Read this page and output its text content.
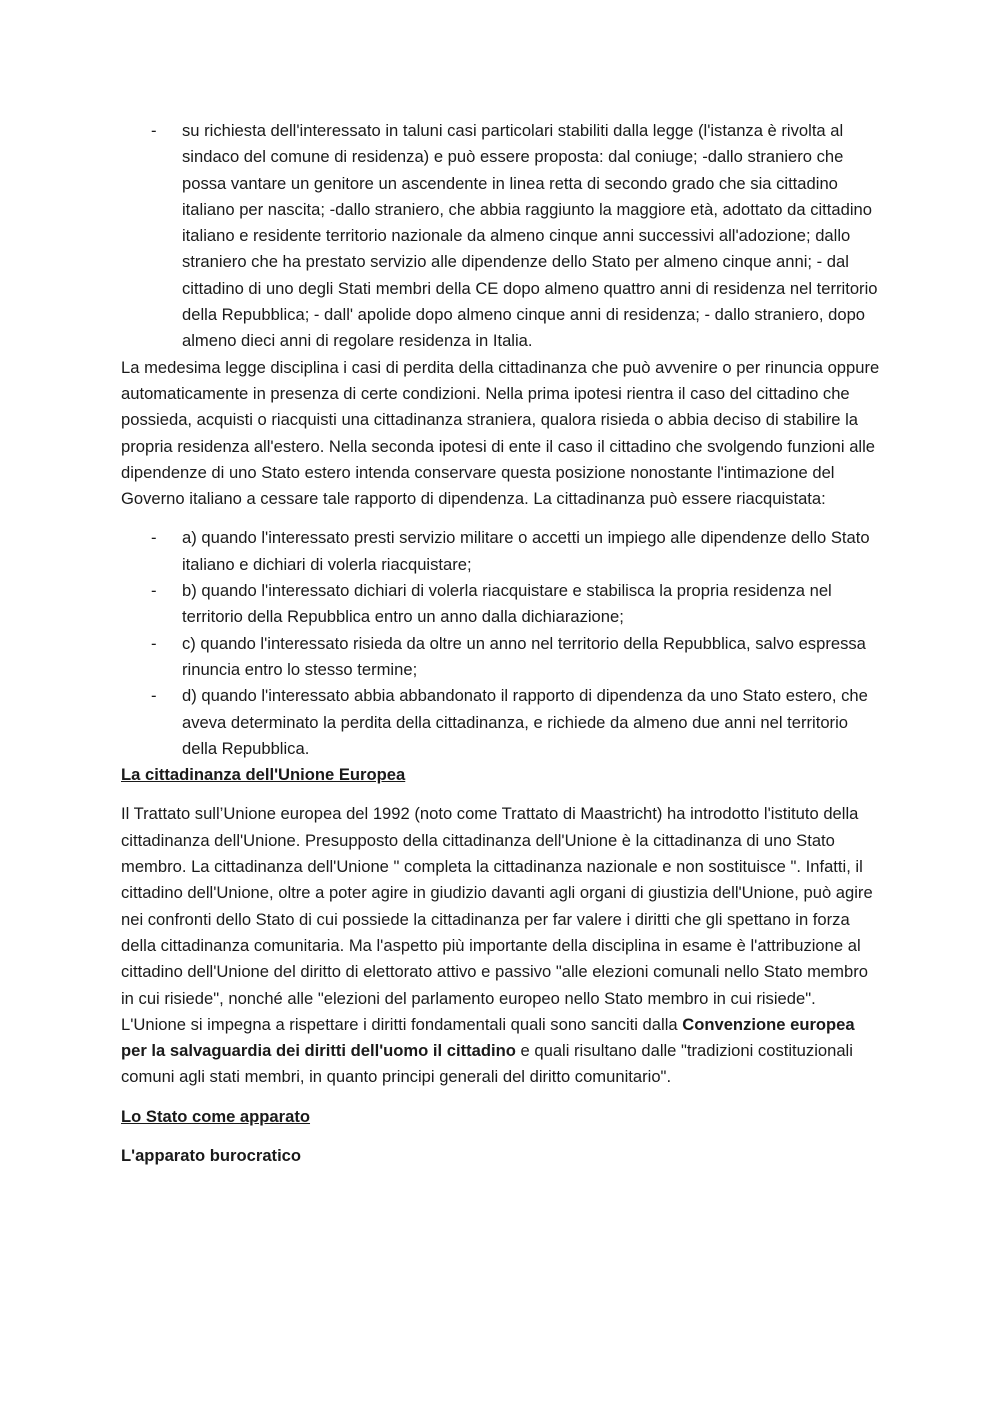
- su richiesta dell'interessato in taluni casi particolari stabiliti dalla legge (l'istanza è rivolta al sindaco del comune di residenza) e può essere proposta: dal coniuge; -dallo straniero che possa vantare un genitore un ascendente in linea retta di secondo grado che sia cittadino italiano per nascita; -dallo straniero, che abbia raggiunto la maggiore età, adottato da cittadino italiano e residente territorio nazionale da almeno cinque anni successivi all'adozione; dallo straniero che ha prestato servizio alle dipendenze dello Stato per almeno cinque anni; - dal cittadino di uno degli Stati membri della CE dopo almeno quattro anni di residenza nel territorio della Repubblica; - dall' apolide dopo almeno cinque anni di residenza; - dallo straniero, dopo almeno dieci anni di regolare residenza in Italia.

La medesima legge disciplina i casi di perdita della cittadinanza che può avvenire o per rinuncia oppure automaticamente in presenza di certe condizioni. Nella prima ipotesi rientra il caso del cittadino che possieda, acquisti o riacquisti una cittadinanza straniera, qualora risieda o abbia deciso di stabilire la propria residenza all'estero. Nella seconda ipotesi di ente il caso il cittadino che svolgendo funzioni alle dipendenze di uno Stato estero intenda conservare questa posizione nonostante l'intimazione del Governo italiano a cessare tale rapporto di dipendenza. La cittadinanza può essere riacquistata:

- a) quando l'interessato presti servizio militare o accetti un impiego alle dipendenze dello Stato italiano e dichiari di volerla riacquistare;
- b) quando l'interessato dichiari di volerla riacquistare e stabilisca la propria residenza nel territorio della Repubblica entro un anno dalla dichiarazione;
- c) quando l'interessato risieda da oltre un anno nel territorio della Repubblica, salvo espressa rinuncia entro lo stesso termine;
- d) quando l'interessato abbia abbandonato il rapporto di dipendenza da uno Stato estero, che aveva determinato la perdita della cittadinanza, e richiede da almeno due anni nel territorio della Repubblica.
La cittadinanza dell'Unione Europea

Il Trattato sull’Unione europea del 1992 (noto come Trattato di Maastricht) ha introdotto l'istituto della cittadinanza dell'Unione. Presupposto della cittadinanza dell'Unione è la cittadinanza di uno Stato membro. La cittadinanza dell'Unione " completa la cittadinanza nazionale e non sostituisce ". Infatti, il cittadino dell'Unione, oltre a poter agire in giudizio davanti agli organi di giustizia dell'Unione, può agire nei confronti dello Stato di cui possiede la cittadinanza per far valere i diritti che gli spettano in forza della cittadinanza comunitaria. Ma l'aspetto più importante della disciplina in esame è l'attribuzione al cittadino dell'Unione del diritto di elettorato attivo e passivo "alle elezioni comunali nello Stato membro in cui risiede", nonché alle "elezioni del parlamento europeo nello Stato membro in cui risiede". L'Unione si impegna a rispettare i diritti fondamentali quali sono sanciti dalla Convenzione europea per la salvaguardia dei diritti dell'uomo il cittadino e quali risultano dalle "tradizioni costituzionali comuni agli stati membri, in quanto principi generali del diritto comunitario".

Lo Stato come apparato
L'apparato burocratico
